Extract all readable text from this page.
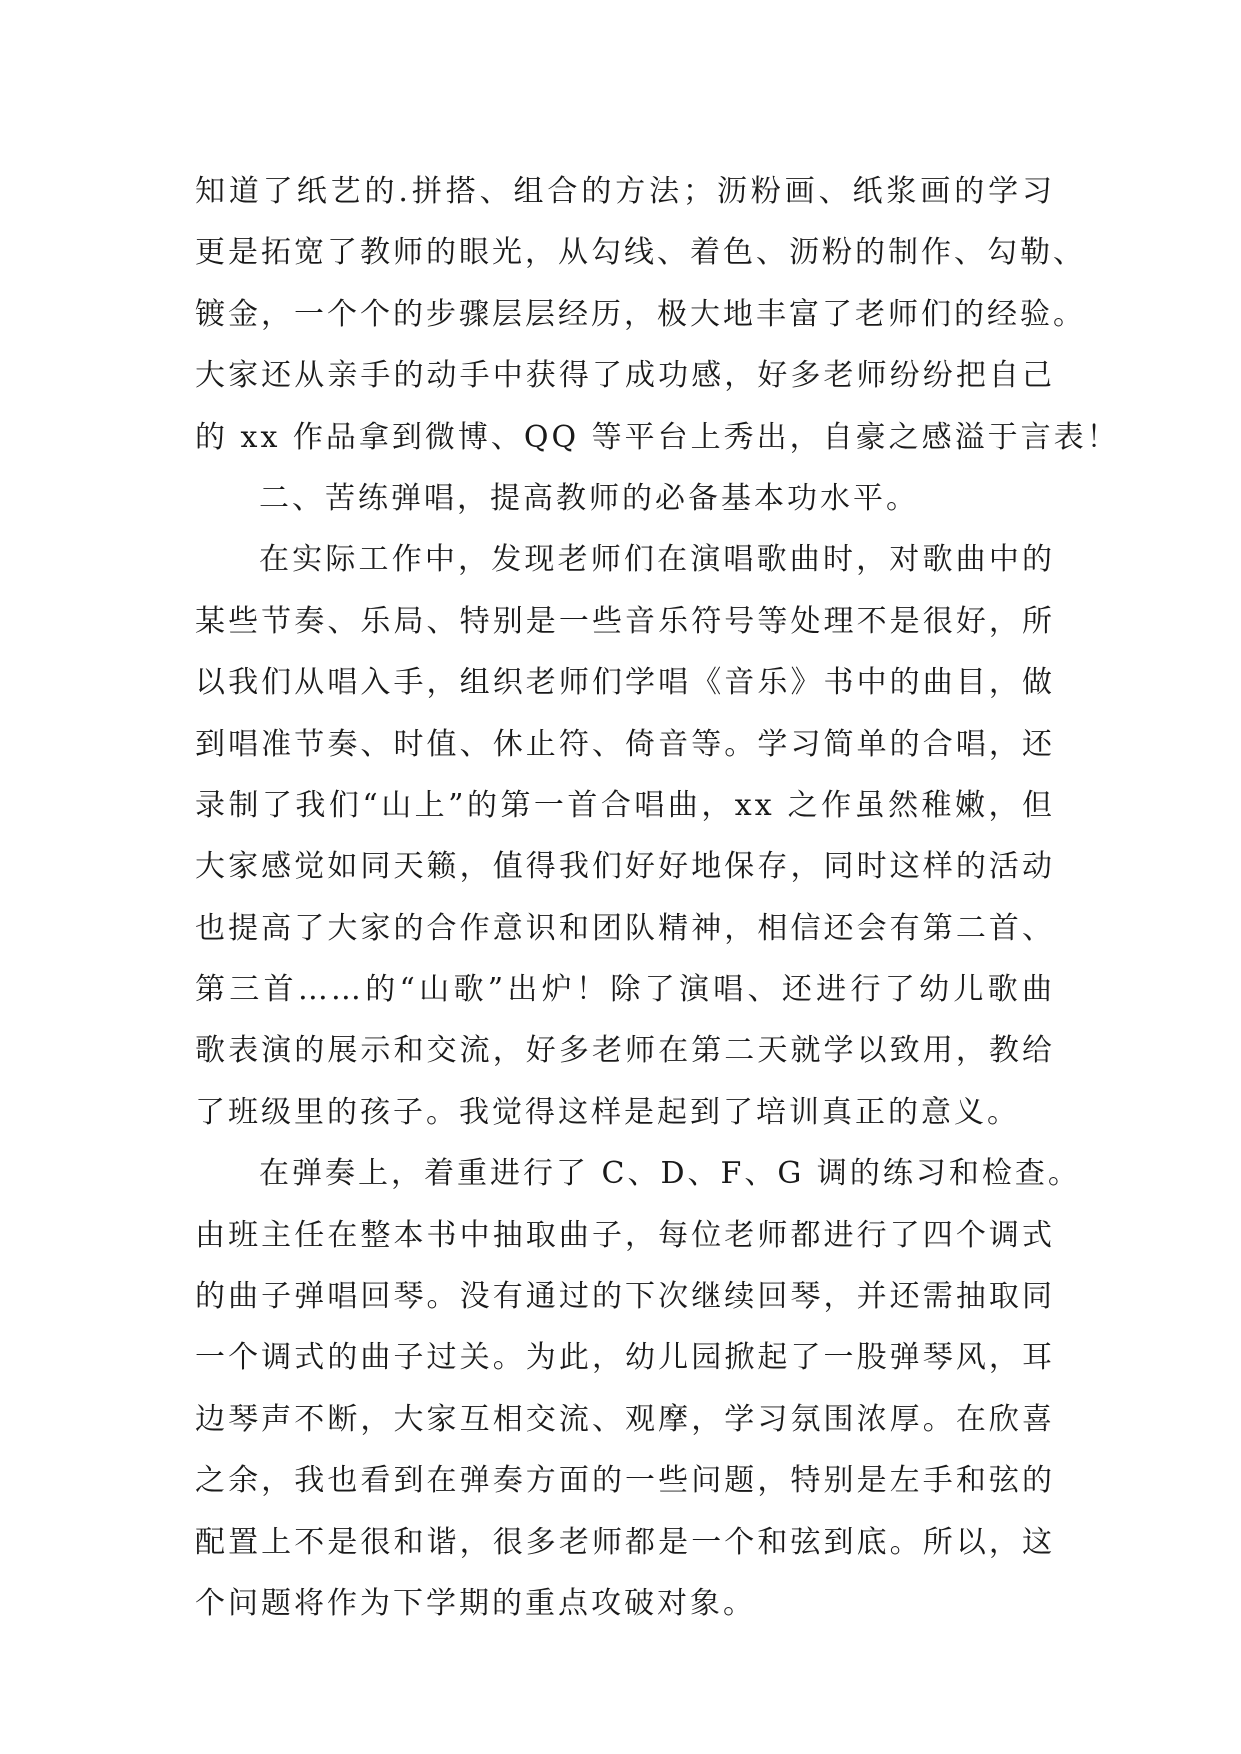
知道了纸艺的.拼搭、组合的方法；沥粉画、纸浆画的学习
更是拓宽了教师的眼光，从勾线、着色、沥粉的制作、勾勒、
镀金，一个个的步骤层层经历，极大地丰富了老师们的经验。
大家还从亲手的动手中获得了成功感，好多老师纷纷把自己
的 xx 作品拿到微博、QQ 等平台上秀出，自豪之感溢于言表！
二、苦练弹唱，提高教师的必备基本功水平。
在实际工作中，发现老师们在演唱歌曲时，对歌曲中的
某些节奏、乐局、特别是一些音乐符号等处理不是很好，所
以我们从唱入手，组织老师们学唱《音乐》书中的曲目，做
到唱准节奏、时值、休止符、倚音等。学习简单的合唱，还
录制了我们“山上”的第一首合唱曲，xx 之作虽然稚嫩，但
大家感觉如同天籁，值得我们好好地保存，同时这样的活动
也提高了大家的合作意识和团队精神，相信还会有第二首、
第三首……的“山歌”出炉！除了演唱、还进行了幼儿歌曲
歌表演的展示和交流，好多老师在第二天就学以致用，教给
了班级里的孩子。我觉得这样是起到了培训真正的意义。
在弹奏上，着重进行了 C、D、F、G 调的练习和检查。
由班主任在整本书中抽取曲子，每位老师都进行了四个调式
的曲子弹唱回琴。没有通过的下次继续回琴，并还需抽取同
一个调式的曲子过关。为此，幼儿园掀起了一股弹琴风，耳
边琴声不断，大家互相交流、观摩，学习氛围浓厚。在欣喜
之余，我也看到在弹奏方面的一些问题，特别是左手和弦的
配置上不是很和谐，很多老师都是一个和弦到底。所以，这
个问题将作为下学期的重点攻破对象。
